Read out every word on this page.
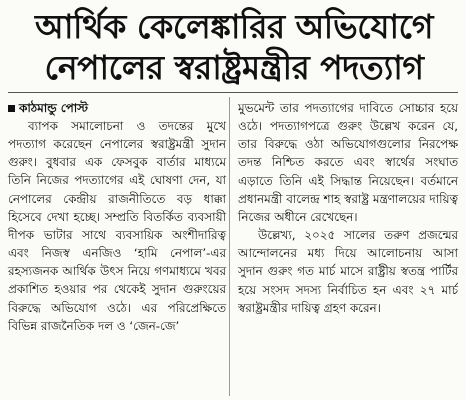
আর্থিক কেলেঙ্কারির অভিযোগে
নেপালের স্বরাষ্ট্রমন্ত্রীর পদত্যাগ
কাঠমান্ডু পোস্ট

ব্যাপক সমালোচনা ও তদন্তের মুখে পদত্যাগ করেছেন নেপালের স্বরাষ্ট্রমন্ত্রী সুদান গুরুং। বুধবার এক ফেসবুক বার্তার মাধ্যমে তিনি নিজের পদত্যাগের এই ঘোষণা দেন, যা নেপালের কেন্দ্রীয় রাজনীতিতে বড় ধাক্কা হিসেবে দেখা হচ্ছে। সম্প্রতি বিতর্কিত ব্যবসায়ী দীপক ভাটার সাথে ব্যবসায়িক অংশীদারিত্ব এবং নিজস্ব এনজিও ‘হামি নেপাল’-এর রহস্যজনক আর্থিক উৎস নিয়ে গণমাধ্যমে খবর প্রকাশিত হওয়ার পর থেকেই সুদান গুরুংয়ের বিরুদ্ধে অভিযোগ ওঠে। এর পরিপ্রেক্ষিতে বিভিন্ন রাজনৈতিক দল ও ‘জেন-জে’

মুভমেন্ট তার পদত্যাগের দাবিতে সোচ্চার হয়ে ওঠে। পদত্যাগপত্রে গুরুং উল্লেখ করেন যে, তার বিরুদ্ধে ওঠা অভিযোগগুলোর নিরপেক্ষ তদন্ত নিশ্চিত করতে এবং স্বার্থের সংঘাত এড়াতে তিনি এই সিদ্ধান্ত নিয়েছেন। বর্তমানে প্রধানমন্ত্রী বালেন্দ্র শাহ স্বরাষ্ট্র মন্ত্রণালয়ের দায়িত্ব নিজের অধীনে রেখেছেন।

উল্লেখ্য, ২০২৫ সালের তরুণ প্রজন্মের আন্দোলনের মধ্য দিয়ে আলোচনায় আসা সুদান গুরুং গত মার্চ মাসে রাষ্ট্রীয় স্বতন্ত্র পার্টির হয়ে সংসদ সদস্য নির্বাচিত হন এবং ২৭ মার্চ স্বরাষ্ট্রমন্ত্রীর দায়িত্ব গ্রহণ করেন।
